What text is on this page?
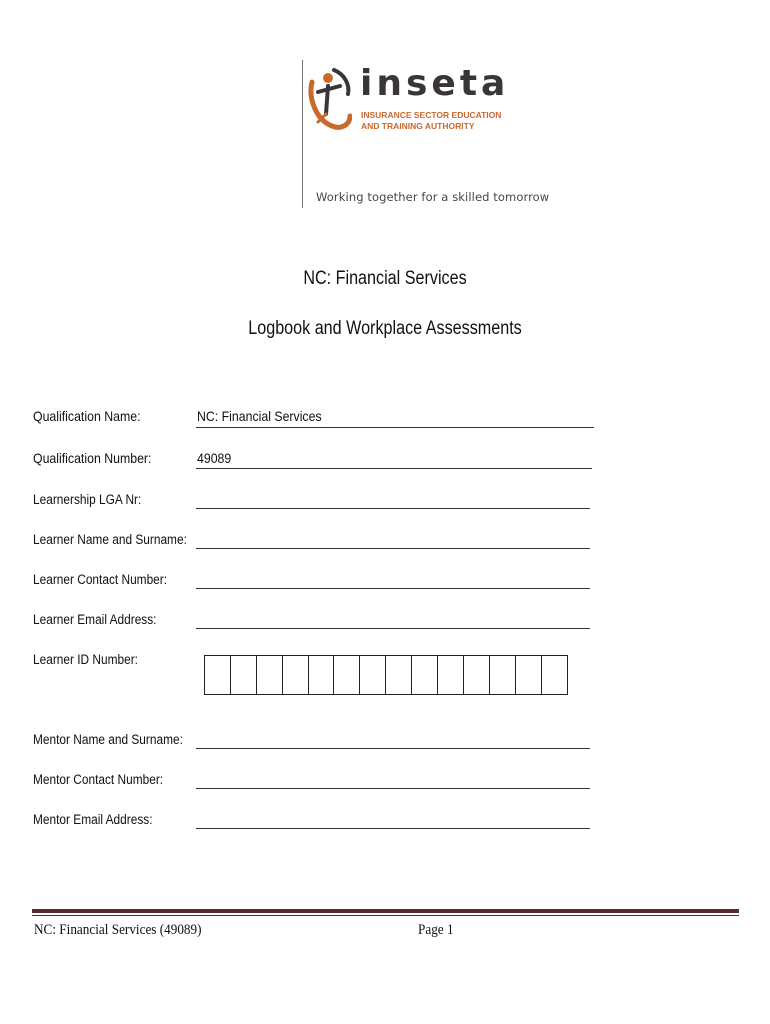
inseta
INSURANCE SECTOR EDUCATION
AND TRAINING AUTHORITY
Working together for a skilled tomorrow
NC: Financial Services
Logbook and Workplace Assessments
Qualification Name:	NC: Financial Services
Qualification Number:	49089
Learnership LGA Nr:
Learner Name and Surname:
Learner Contact Number:
Learner Email Address:
Learner ID Number:
Mentor Name and Surname:
Mentor Contact Number:
Mentor Email Address:
NC: Financial Services (49089)	Page 1
